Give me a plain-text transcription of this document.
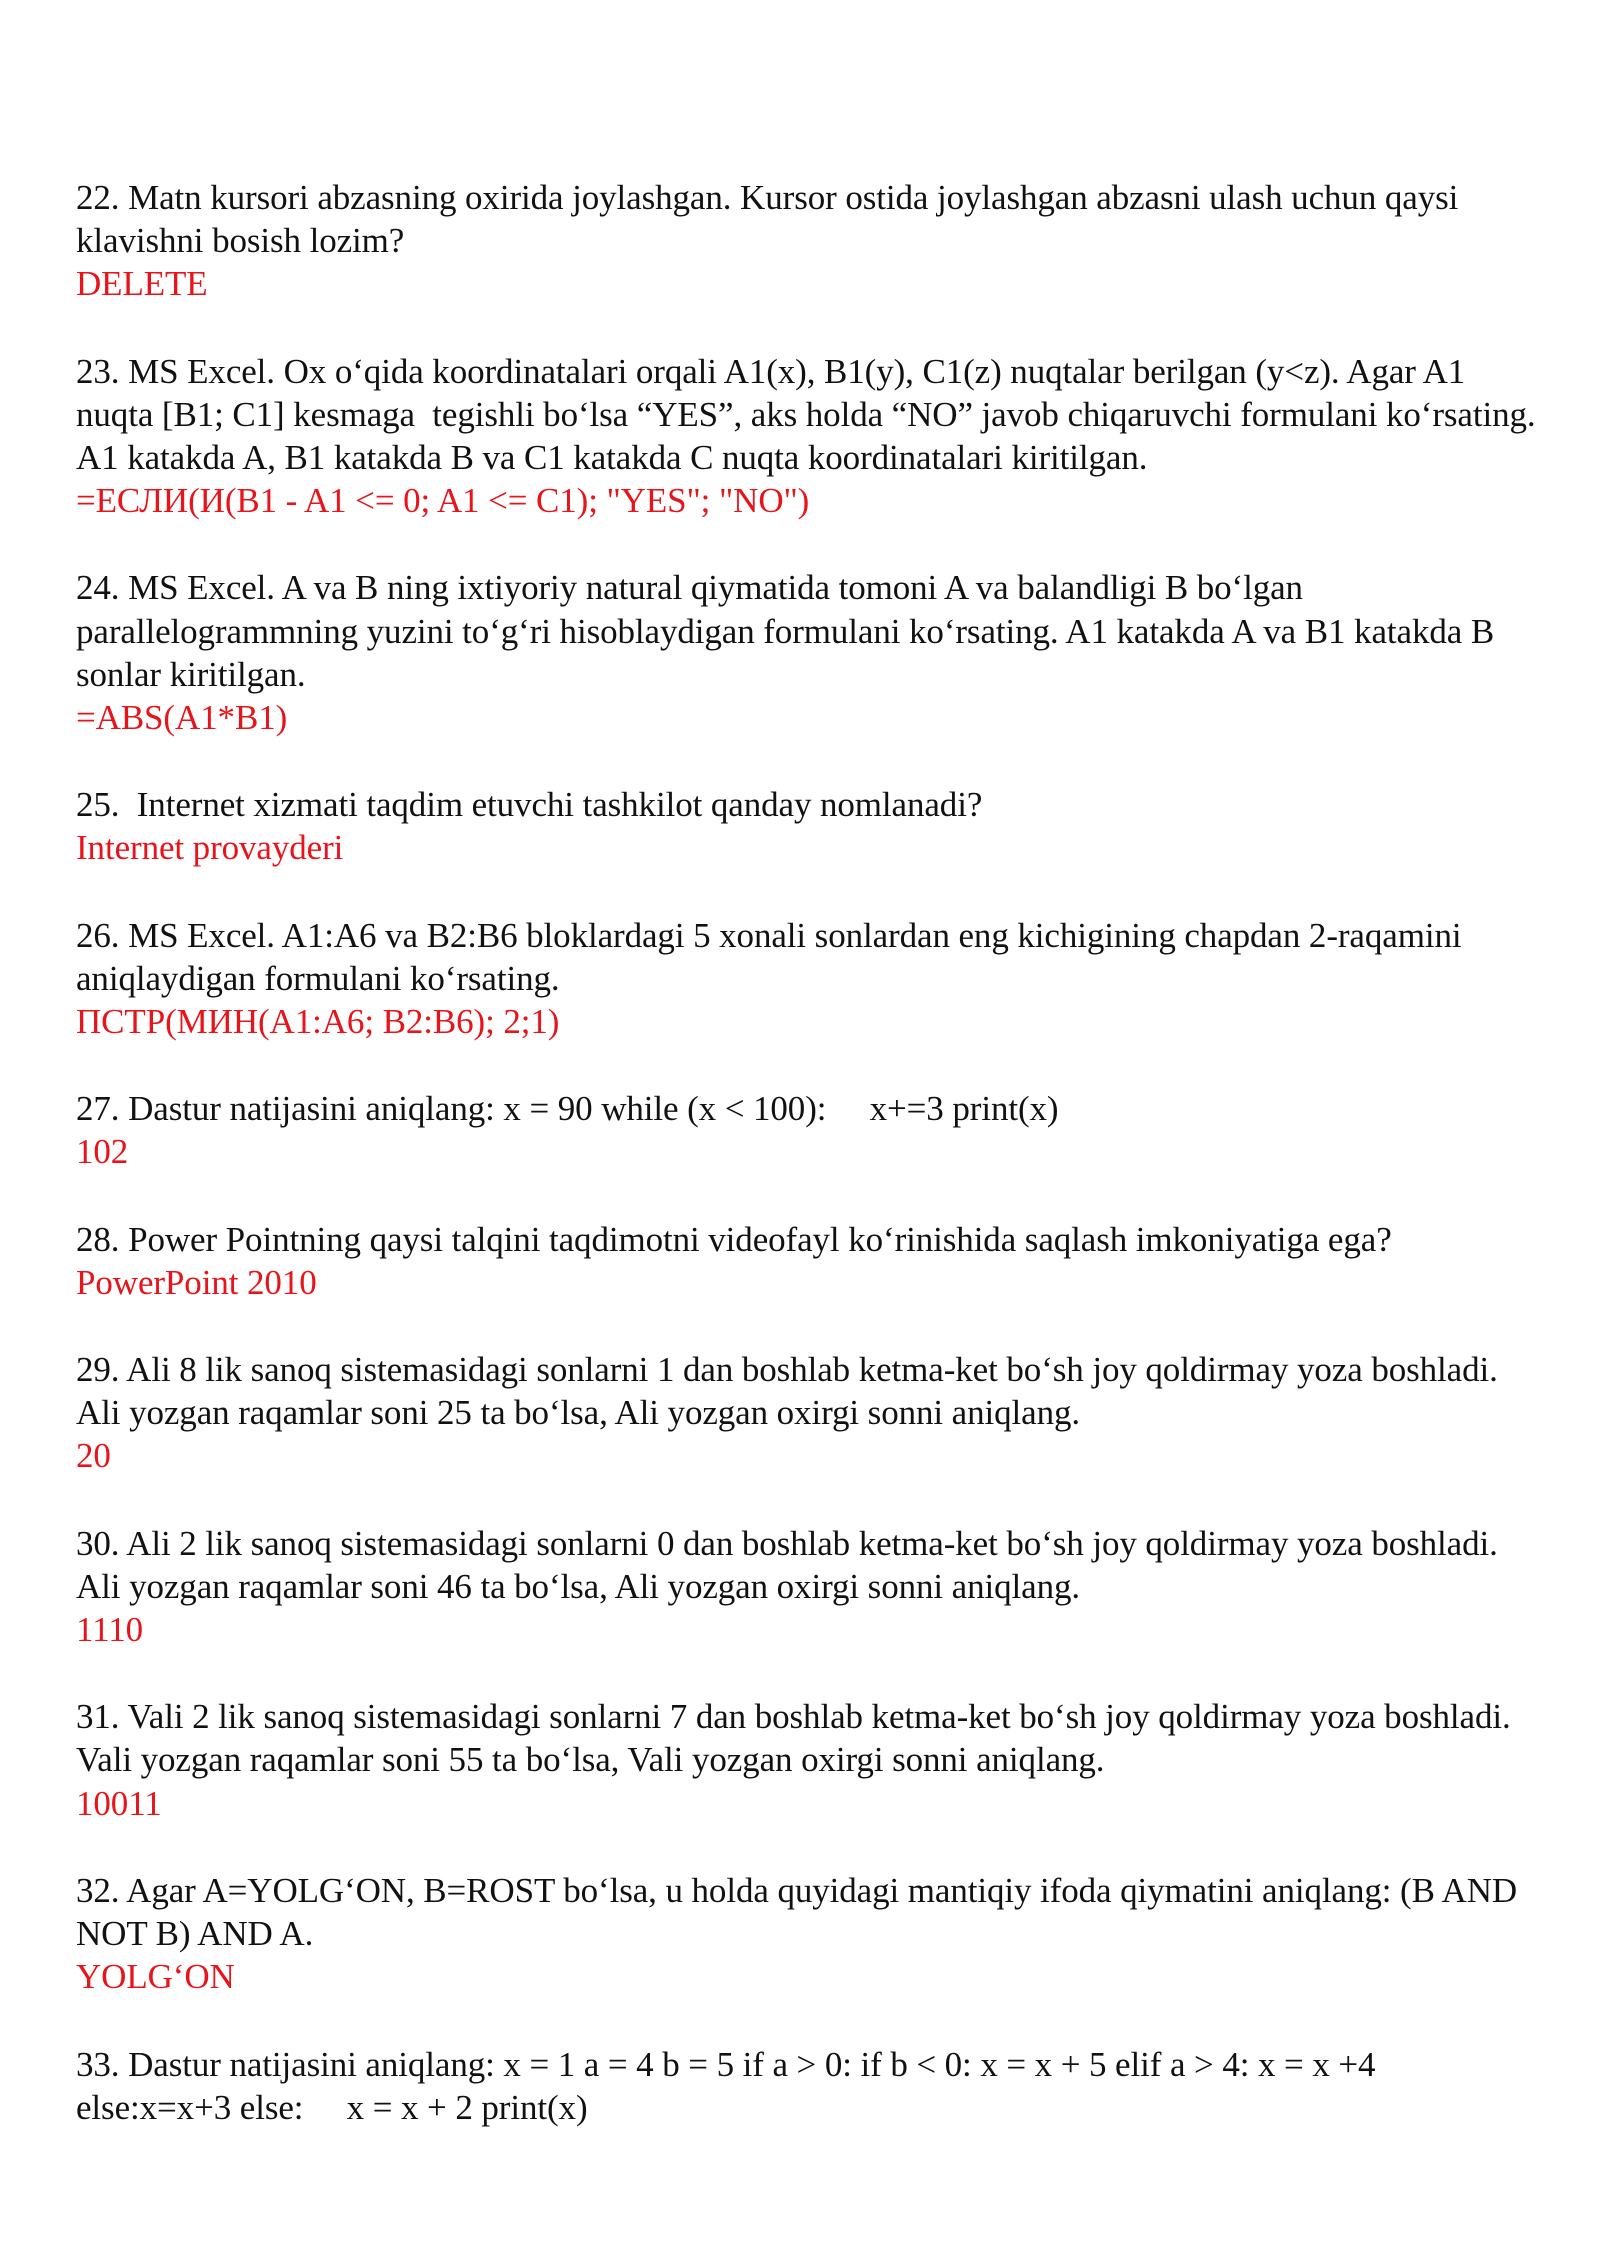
22. Matn kursori abzasning oxirida joylashgan. Kursor ostida joylashgan abzasni ulash uchun qaysi klavishni bosish lozim?

DELETE

23. MS Excel. Ox o‘qida koordinatalari orqali A1(x), B1(y), C1(z) nuqtalar berilgan (y<z). Agar A1 nuqta [B1; C1] kesmaga  tegishli bo‘lsa “YES”, aks holda “NO” javob chiqaruvchi formulani ko‘rsating. A1 katakda A, B1 katakda B va C1 katakda C nuqta koordinatalari kiritilgan.

=ЕСЛИ(И(B1 - A1 <= 0; A1 <= C1); "YES"; "NO")

24. MS Excel. A va B ning ixtiyoriy natural qiymatida tomoni A va balandligi B bo‘lgan parallelogrammning yuzini to‘g‘ri hisoblaydigan formulani ko‘rsating. A1 katakda A va B1 katakda B sonlar kiritilgan.

=ABS(A1*B1)

25.  Internet xizmati taqdim etuvchi tashkilot qanday nomlanadi?

Internet provayderi

26. MS Excel. A1:A6 va B2:B6 bloklardagi 5 xonali sonlardan eng kichigining chapdan 2-raqamini aniqlaydigan formulani ko‘rsating.

ПСТР(МИН(A1:A6; B2:B6); 2;1)

27. Dastur natijasini aniqlang: x = 90 while (x < 100):     x+=3 print(x)

102

28. Power Pointning qaysi talqini taqdimotni videofayl ko‘rinishida saqlash imkoniyatiga ega?

PowerPoint 2010

29. Ali 8 lik sanoq sistemasidagi sonlarni 1 dan boshlab ketma-ket bo‘sh joy qoldirmay yoza boshladi. Ali yozgan raqamlar soni 25 ta bo‘lsa, Ali yozgan oxirgi sonni aniqlang.

20

30. Ali 2 lik sanoq sistemasidagi sonlarni 0 dan boshlab ketma-ket bo‘sh joy qoldirmay yoza boshladi. Ali yozgan raqamlar soni 46 ta bo‘lsa, Ali yozgan oxirgi sonni aniqlang.

1110

31. Vali 2 lik sanoq sistemasidagi sonlarni 7 dan boshlab ketma-ket bo‘sh joy qoldirmay yoza boshladi. Vali yozgan raqamlar soni 55 ta bo‘lsa, Vali yozgan oxirgi sonni aniqlang.

10011

32. Agar A=YOLG‘ON, B=ROST bo‘lsa, u holda quyidagi mantiqiy ifoda qiymatini aniqlang: (B AND NOT B) AND A.

YOLG‘ON

33. Dastur natijasini aniqlang: x = 1 a = 4 b = 5 if a > 0: if b < 0: x = x + 5 elif a > 4: x = x +4 else:x=x+3 else:     x = x + 2 print(x)
